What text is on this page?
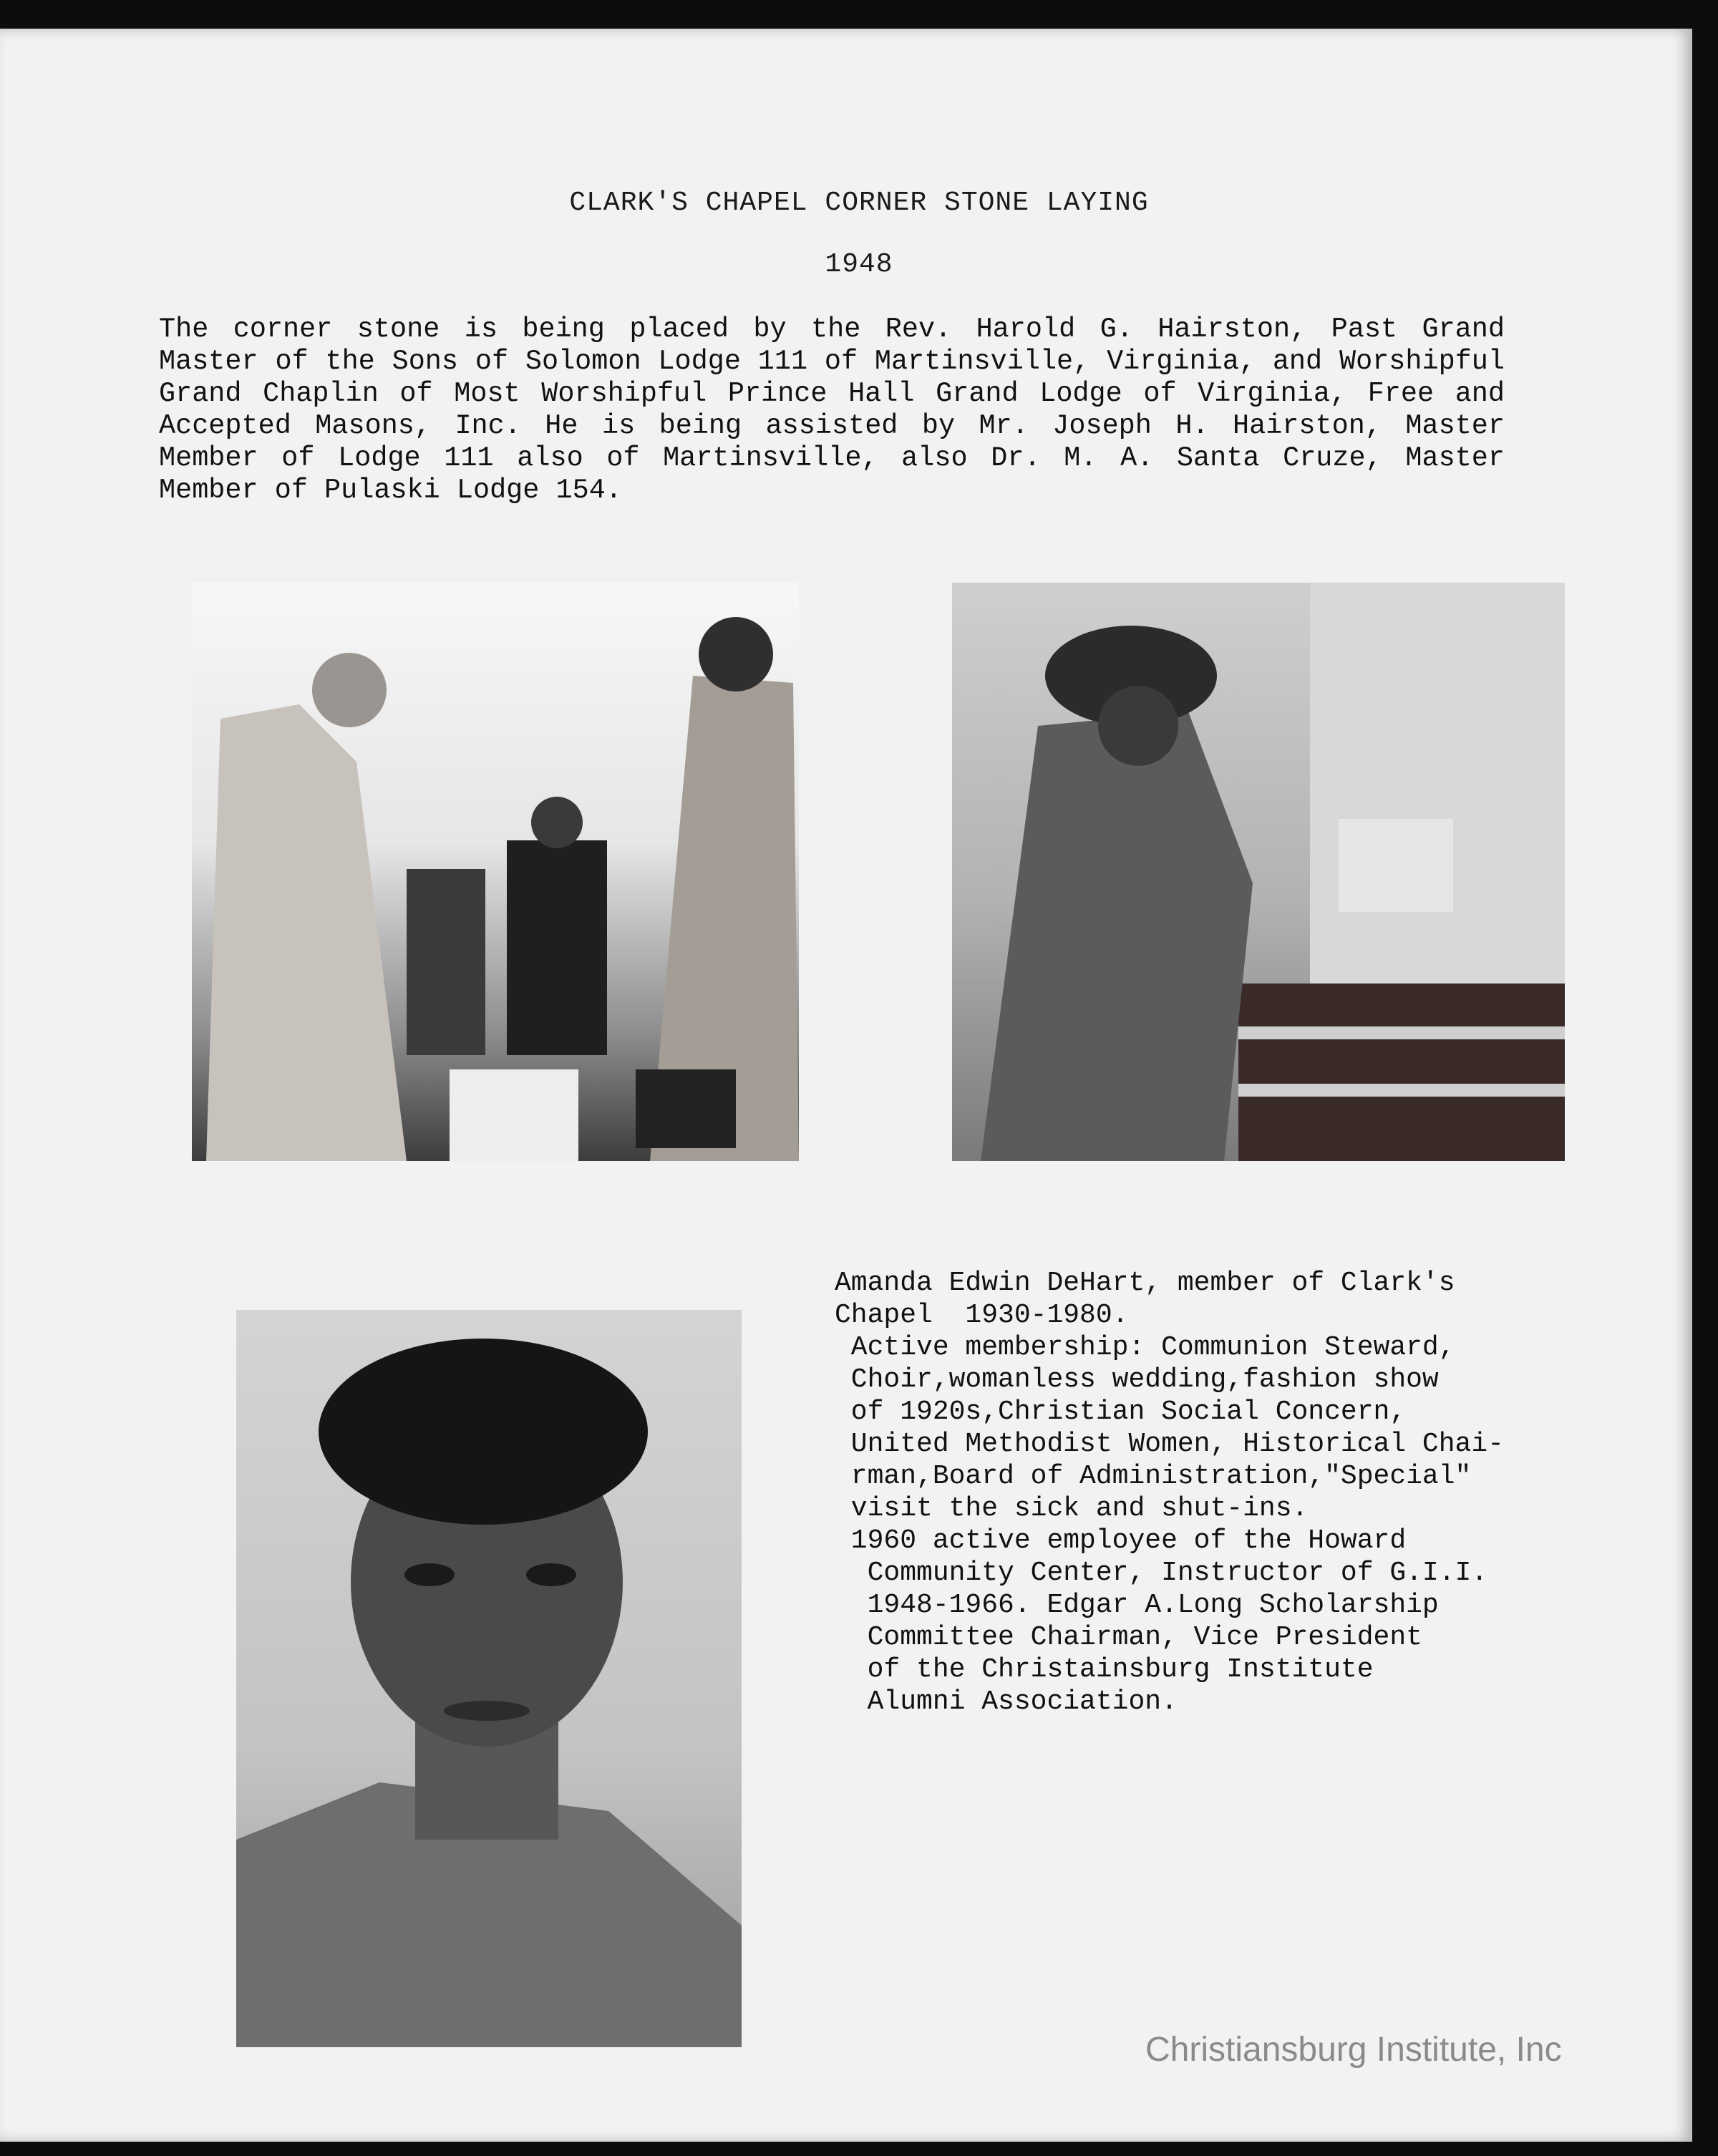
CLARK'S CHAPEL CORNER STONE LAYING
1948

The corner stone is being placed by the Rev. Harold G. Hairston, Past Grand Master of the Sons of Solomon Lodge 111 of Martinsville, Virginia, and Worshipful Grand Chaplin of Most Worshipful Prince Hall Grand Lodge of Virginia, Free and Accepted Masons, Inc. He is being assisted by Mr. Joseph H. Hairston, Master Member of Lodge 111 also of Martinsville, also Dr. M. A. Santa Cruze, Master Member of Pulaski Lodge 154.

Amanda Edwin DeHart, member of Clark's
Chapel  1930-1980.
Active membership: Communion Steward,
Choir,womanless wedding,fashion show
of 1920s,Christian Social Concern,
United Methodist Women, Historical Chai-
rman,Board of Administration,"Special"
visit the sick and shut-ins.
1960 active employee of the Howard
Community Center, Instructor of G.I.I.
1948-1966. Edgar A.Long Scholarship
Committee Chairman, Vice President
of the Christainsburg Institute
Alumni Association.
Christiansburg Institute, Inc
